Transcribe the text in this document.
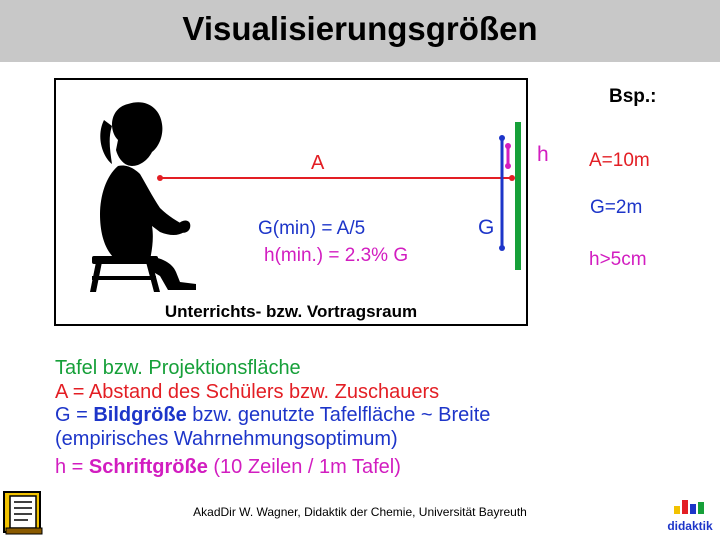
Visualisierungsgrößen
A
G
h
G(min) = A/5
h(min.) = 2.3% G
Unterrichts- bzw. Vortragsraum
Bsp.:
A=10m
G=2m
h>5cm
Tafel bzw. Projektionsfläche
A = Abstand des Schülers bzw. Zuschauers
G = Bildgröße bzw. genutzte Tafelfläche ~ Breite
(empirisches Wahrnehmungsoptimum)
h = Schriftgröße (10 Zeilen / 1m Tafel)
AkadDir W. Wagner, Didaktik der Chemie, Universität Bayreuth
didaktik
